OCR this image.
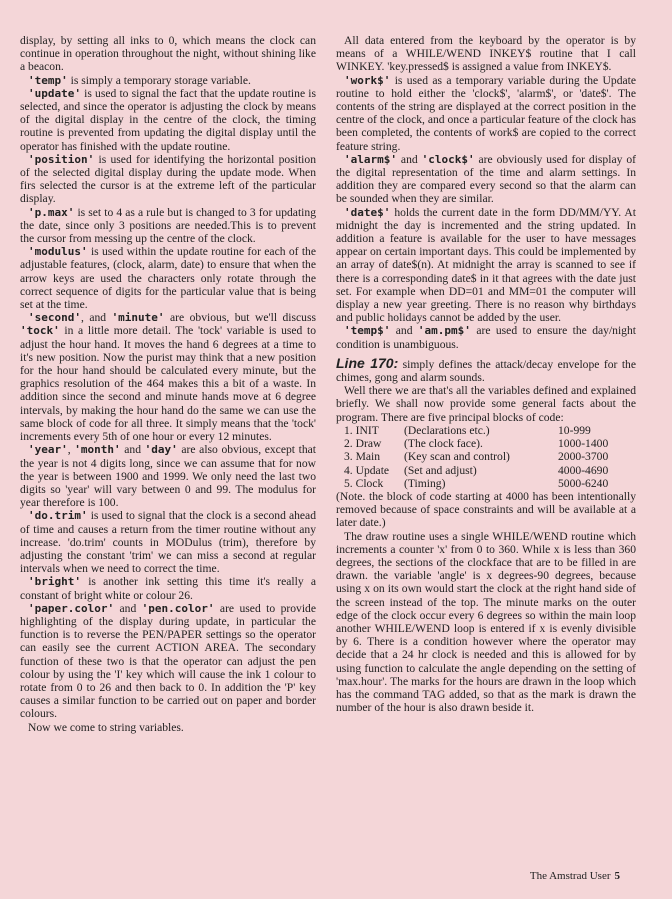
display, by setting all inks to 0, which means the clock can continue in operation throughout the night, without shining like a beacon.

'temp' is simply a temporary storage variable.

'update' is used to signal the fact that the update routine is selected, and since the operator is adjusting the clock by means of the digital display in the centre of the clock, the timing routine is prevented from updating the digital display until the operator has finished with the update routine.

'position' is used for identifying the horizontal position of the selected digital display during the update mode. When firs selected the cursor is at the extreme left of the particular display.

'p.max' is set to 4 as a rule but is changed to 3 for updating the date, since only 3 positions are needed.This is to prevent the cursor from messing up the centre of the clock.

'modulus' is used within the update routine for each of the adjustable features, (clock, alarm, date) to ensure that when the arrow keys are used the characters only rotate through the correct sequence of digits for the particular value that is being set at the time.

'second', and 'minute' are obvious, but we'll discuss 'tock' in a little more detail. The 'tock' variable is used to adjust the hour hand. It moves the hand 6 degrees at a time to it's new position. Now the purist may think that a new position for the hour hand should be calculated every minute, but the graphics resolution of the 464 makes this a bit of a waste. In addition since the second and minute hands move at 6 degree intervals, by making the hour hand do the same we can use the same block of code for all three. It simply means that the 'tock' increments every 5th of one hour or every 12 minutes.

'year', 'month' and 'day' are also obvious, except that the year is not 4 digits long, since we can assume that for now the year is between 1900 and 1999. We only need the last two digits so 'year' will vary between 0 and 99. The modulus for year therefore is 100.

'do.trim' is used to signal that the clock is a second ahead of time and causes a return from the timer routine without any increase. 'do.trim' counts in MODulus (trim), therefore by adjusting the constant 'trim' we can miss a second at regular intervals when we need to correct the time.

'bright' is another ink setting this time it's really a constant of bright white or colour 26.

'paper.color' and 'pen.color' are used to provide highlighting of the display during update, in particular the function is to reverse the PEN/PAPER settings so the operator can easily see the current ACTION AREA. The secondary function of these two is that the operator can adjust the pen colour by using the 'I' key which will cause the ink 1 colour to rotate from 0 to 26 and then back to 0. In addition the 'P' key causes a similar function to be carried out on paper and border colours.

Now we come to string variables.

All data entered from the keyboard by the operator is by means of a WHILE/WEND INKEY$ routine that I call WINKEY. 'key.pressed$ is assigned a value from INKEY$.

'work$' is used as a temporary variable during the Update routine to hold either the 'clock$', 'alarm$', or 'date$'. The contents of the string are displayed at the correct position in the centre of the clock, and once a particular feature of the clock has been completed, the contents of work$ are copied to the correct feature string.

'alarm$' and 'clock$' are obviously used for display of the digital representation of the time and alarm settings. In addition they are compared every second so that the alarm can be sounded when they are similar.

'date$' holds the current date in the form DD/MM/YY. At midnight the day is incremented and the string updated. In addition a feature is available for the user to have messages appear on certain important days. This could be implemented by an array of date$(n). At midnight the array is scanned to see if there is a corresponding date$ in it that agrees with the date just set. For example when DD=01 and MM=01 the computer will display a new year greeting. There is no reason why birthdays and public holidays cannot be added by the user.

'temp$' and 'am.pm$' are used to ensure the day/night condition is unambiguous.

Line 170: simply defines the attack/decay envelope for the chimes, gong and alarm sounds.

Well there we are that's all the variables defined and explained briefly. We shall now provide some general facts about the program. There are five principal blocks of code:

1. INIT	(Declarations etc.)	10-999
2. Draw	(The clock face).	1000-1400
3. Main	(Key scan and control)	2000-3700
4. Update	(Set and adjust)	4000-4690
5. Clock	(Timing)	5000-6240

(Note. the block of code starting at 4000 has been intentionally removed because of space constraints and will be available at a later date.)

The draw routine uses a single WHILE/WEND routine which increments a counter 'x' from 0 to 360. While x is less than 360 degrees, the sections of the clockface that are to be filled in are drawn. the variable 'angle' is x degrees-90 degrees, because using x on its own would start the clock at the right hand side of the screen instead of the top. The minute marks on the outer edge of the clock occur every 6 degrees so within the main loop another WHILE/WEND loop is entered if x is evenly divisible by 6. There is a condition however where the operator may decide that a 24 hr clock is needed and this is allowed for by using function to calculate the angle depending on the setting of 'max.hour'. The marks for the hours are drawn in the loop which has the command TAG added, so that as the mark is drawn the number of the hour is also drawn beside it.

The Amstrad User 5
